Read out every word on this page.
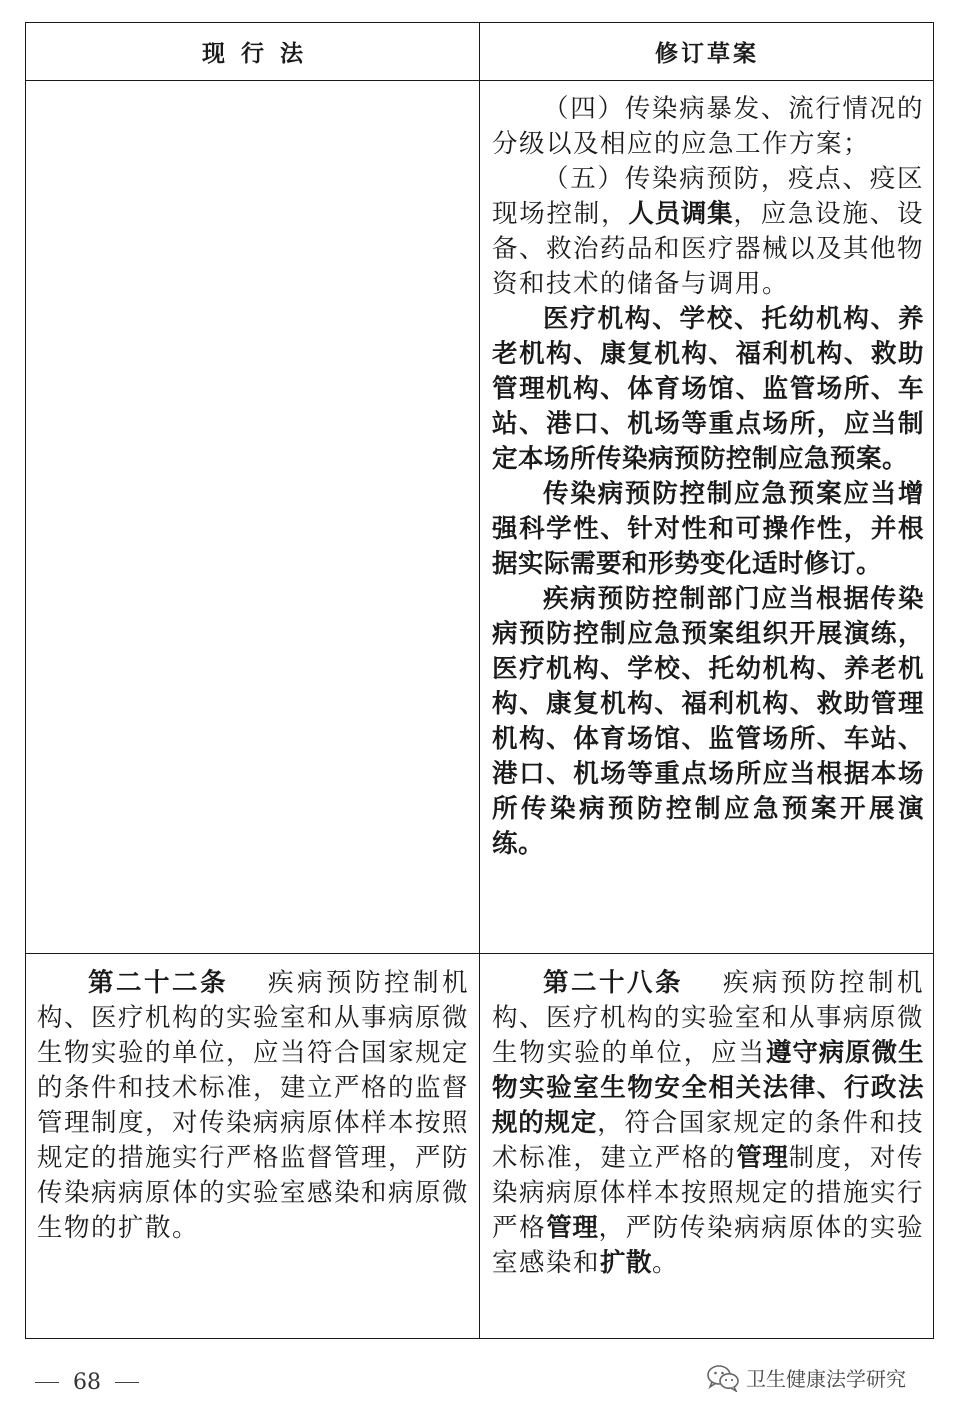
现行法	修订草案

（四）传染病暴发、流行情况的分级以及相应的应急工作方案；

（五）传染病预防，疫点、疫区现场控制，人员调集，应急设施、设备、救治药品和医疗器械以及其他物资和技术的储备与调用。

医疗机构、学校、托幼机构、养老机构、康复机构、福利机构、救助管理机构、体育场馆、监管场所、车站、港口、机场等重点场所，应当制定本场所传染病预防控制应急预案。

传染病预防控制应急预案应当增强科学性、针对性和可操作性，并根据实际需要和形势变化适时修订。

疾病预防控制部门应当根据传染病预防控制应急预案组织开展演练，医疗机构、学校、托幼机构、养老机构、康复机构、福利机构、救助管理机构、体育场馆、监管场所、车站、港口、机场等重点场所应当根据本场所传染病预防控制应急预案开展演练。

第二十二条 疾病预防控制机构、医疗机构的实验室和从事病原微生物实验的单位，应当符合国家规定的条件和技术标准，建立严格的监督管理制度，对传染病病原体样本按照规定的措施实行严格监督管理，严防传染病病原体的实验室感染和病原微生物的扩散。

第二十八条 疾病预防控制机构、医疗机构的实验室和从事病原微生物实验的单位，应当遵守病原微生物实验室生物安全相关法律、行政法规的规定，符合国家规定的条件和技术标准，建立严格的管理制度，对传染病病原体样本按照规定的措施实行严格管理，严防传染病病原体的实验室感染和扩散。

68	卫生健康法学研究
